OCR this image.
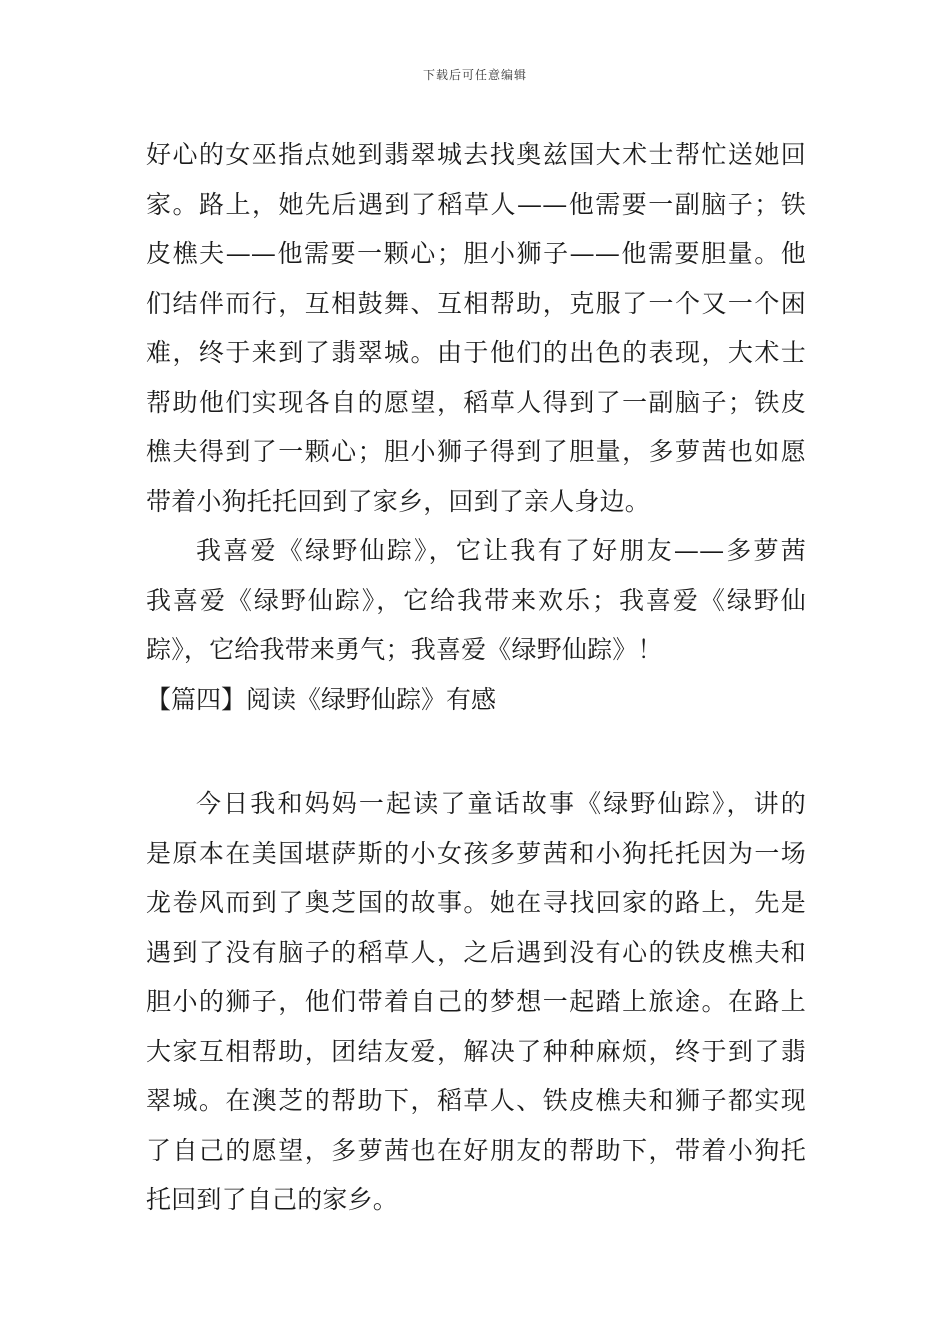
下载后可任意编辑
好心的女巫指点她到翡翠城去找奥兹国大术士帮忙送她回
家。路上，她先后遇到了稻草人——他需要一副脑子；铁
皮樵夫——他需要一颗心；胆小狮子——他需要胆量。他
们结伴而行，互相鼓舞、互相帮助，克服了一个又一个困
难，终于来到了翡翠城。由于他们的出色的表现，大术士
帮助他们实现各自的愿望，稻草人得到了一副脑子；铁皮
樵夫得到了一颗心；胆小狮子得到了胆量，多萝茜也如愿
带着小狗托托回到了家乡，回到了亲人身边。
我喜爱《绿野仙踪》，它让我有了好朋友——多萝茜
我喜爱《绿野仙踪》，它给我带来欢乐；我喜爱《绿野仙
踪》，它给我带来勇气；我喜爱《绿野仙踪》！
【篇四】阅读《绿野仙踪》有感
今日我和妈妈一起读了童话故事《绿野仙踪》，讲的
是原本在美国堪萨斯的小女孩多萝茜和小狗托托因为一场
龙卷风而到了奥芝国的故事。她在寻找回家的路上，先是
遇到了没有脑子的稻草人，之后遇到没有心的铁皮樵夫和
胆小的狮子，他们带着自己的梦想一起踏上旅途。在路上
大家互相帮助，团结友爱，解决了种种麻烦，终于到了翡
翠城。在澳芝的帮助下，稻草人、铁皮樵夫和狮子都实现
了自己的愿望，多萝茜也在好朋友的帮助下，带着小狗托
托回到了自己的家乡。
